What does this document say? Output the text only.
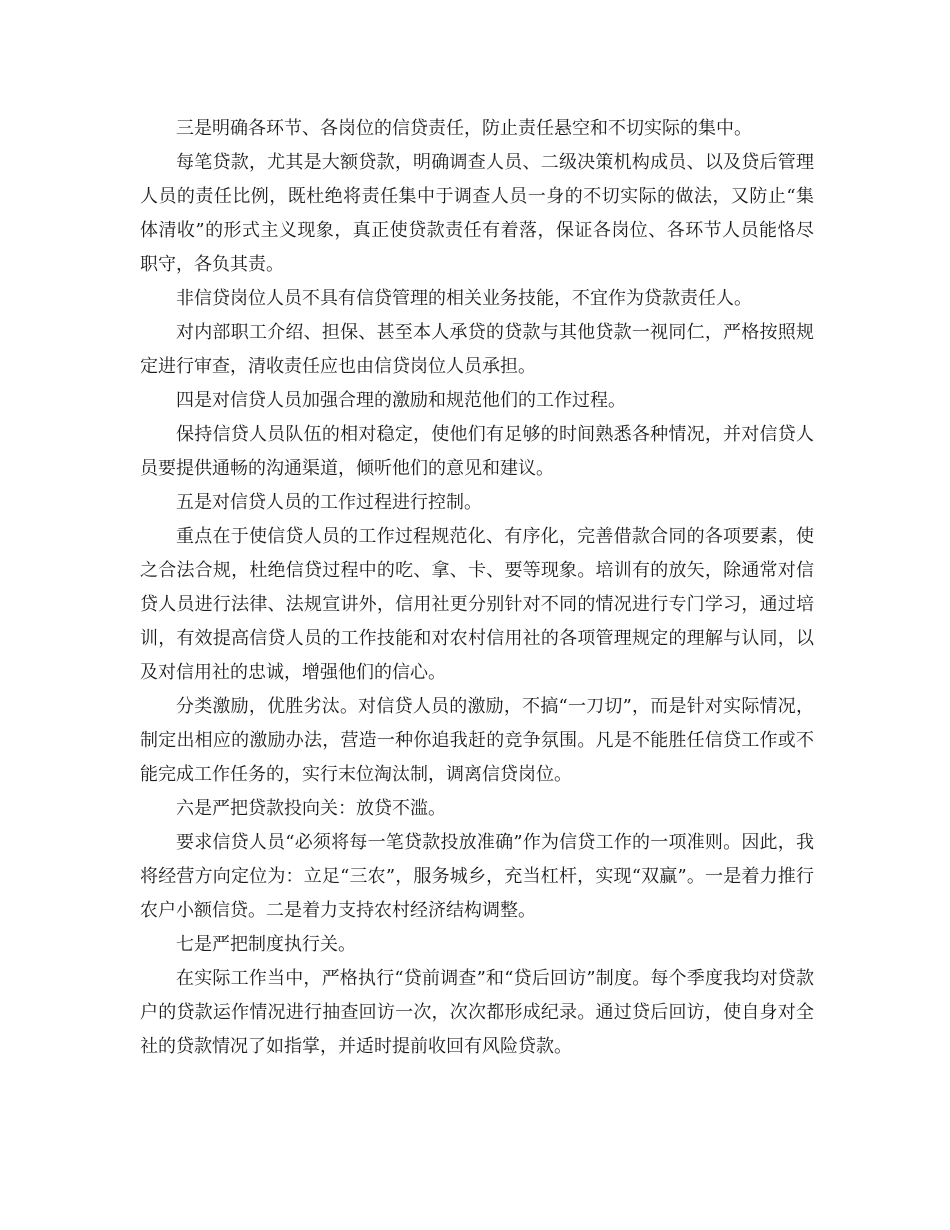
三是明确各环节、各岗位的信贷责任，防止责任悬空和不切实际的集中。

每笔贷款，尤其是大额贷款，明确调查人员、二级决策机构成员、以及贷后管理人员的责任比例，既杜绝将责任集中于调查人员一身的不切实际的做法，又防止“集体清收”的形式主义现象，真正使贷款责任有着落，保证各岗位、各环节人员能恪尽职守，各负其责。

非信贷岗位人员不具有信贷管理的相关业务技能，不宜作为贷款责任人。

对内部职工介绍、担保、甚至本人承贷的贷款与其他贷款一视同仁，严格按照规定进行审查，清收责任应也由信贷岗位人员承担。

四是对信贷人员加强合理的激励和规范他们的工作过程。

保持信贷人员队伍的相对稳定，使他们有足够的时间熟悉各种情况，并对信贷人员要提供通畅的沟通渠道，倾听他们的意见和建议。

五是对信贷人员的工作过程进行控制。

重点在于使信贷人员的工作过程规范化、有序化，完善借款合同的各项要素，使之合法合规，杜绝信贷过程中的吃、拿、卡、要等现象。培训有的放矢，除通常对信贷人员进行法律、法规宣讲外，信用社更分别针对不同的情况进行专门学习，通过培训，有效提高信贷人员的工作技能和对农村信用社的各项管理规定的理解与认同，以及对信用社的忠诚，增强他们的信心。

分类激励，优胜劣汰。对信贷人员的激励，不搞“一刀切”，而是针对实际情况，制定出相应的激励办法，营造一种你追我赶的竞争氛围。凡是不能胜任信贷工作或不能完成工作任务的，实行末位淘汰制，调离信贷岗位。

六是严把贷款投向关：放贷不滥。

要求信贷人员“必须将每一笔贷款投放准确”作为信贷工作的一项准则。因此，我将经营方向定位为：立足“三农”，服务城乡，充当杠杆，实现“双赢”。一是着力推行农户小额信贷。二是着力支持农村经济结构调整。

七是严把制度执行关。

在实际工作当中，严格执行“贷前调查”和“贷后回访”制度。每个季度我均对贷款户的贷款运作情况进行抽查回访一次，次次都形成纪录。通过贷后回访，使自身对全社的贷款情况了如指掌，并适时提前收回有风险贷款。
